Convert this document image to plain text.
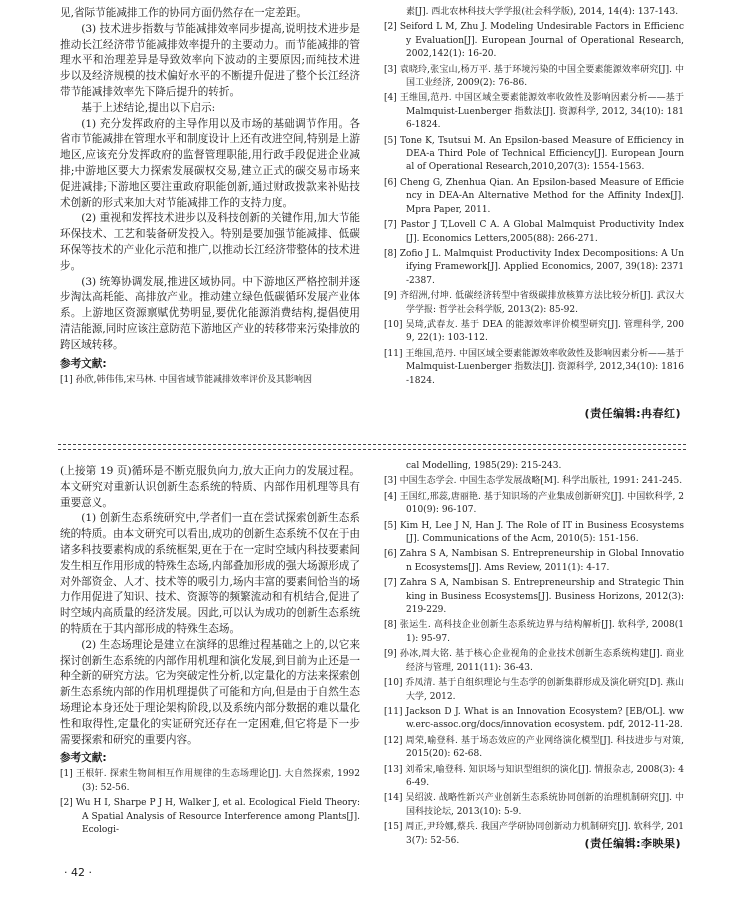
见,省际节能减排工作的协同方面仍然存在一定差距。

(3) 技术进步指数与节能减排效率同步提高,说明技术进步是推动长江经济带节能减排效率提升的主要动力。而节能减排的管理水平和治理差异是导致效率向下波动的主要原因;而纯技术进步以及经济规模的技术偏好水平的不断提升促进了整个长江经济带节能减排效率先下降后提升的转折。

基于上述结论,提出以下启示:

(1) 充分发挥政府的主导作用以及市场的基础调节作用。各省市节能减排在管理水平和制度设计上还有改进空间,特别是上游地区,应该充分发挥政府的监督管理职能,用行政手段促进企业减排;中游地区要大力探索发展碳权交易,建立正式的碳交易市场来促进减排;下游地区要注重政府职能创新,通过财政拨款来补贴技术创新的形式来加大对节能减排工作的支持力度。

(2) 重视和发挥技术进步以及科技创新的关键作用,加大节能环保技术、工艺和装备研发投入。特别是要加强节能减排、低碳环保等技术的产业化示范和推广,以推动长江经济带整体的技术进步。

(3) 统筹协调发展,推进区域协同。中下游地区严格控制并逐步淘汰高耗能、高排放产业。推动建立绿色低碳循环发展产业体系。上游地区资源禀赋优势明显,要优化能源消费结构,提倡使用清洁能源,同时应该注意防范下游地区产业的转移带来污染排放的跨区域转移。

参考文献:

[1] 孙欣,韩伟伟,宋马林. 中国省域节能减排效率评价及其影响因

素[J]. 西北农林科技大学学报(社会科学版), 2014, 14(4): 137-143.

[2] Seiford L M, Zhu J. Modeling Undesirable Factors in Efficiency Evaluation[J]. European Journal of Operational Research, 2002,142(1): 16-20.

[3] 袁晓玲,张宝山,杨万平. 基于环境污染的中国全要素能源效率研究[J]. 中国工业经济, 2009(2): 76-86.

[4] 王维国,范丹. 中国区域全要素能源效率收敛性及影响因素分析——基于 Malmquist-Luenberger 指数法[J]. 资源科学, 2012, 34(10): 1816-1824.

[5] Tone K, Tsutsui M. An Epsilon-based Measure of Efficiency in DEA-a Third Pole of Technical Efficiency[J]. European Journal of Operational Research,2010,207(3): 1554-1563.

[6] Cheng G, Zhenhua Qian. An Epsilon-based Measure of Efficiency in DEA-An Alternative Method for the Affinity Index[J]. Mpra Paper, 2011.

[7] Pastor J T,Lovell C A. A Global Malmquist Productivity Index[J]. Economics Letters,2005(88): 266-271.

[8] Zofio J L. Malmquist Productivity Index Decompositions: A Unifying Framework[J]. Applied Economics, 2007, 39(18): 2371-2387.

[9] 齐绍洲,付坤. 低碳经济转型中省级碳排放核算方法比较分析[J]. 武汉大学学报: 哲学社会科学版, 2013(2): 85-92.

[10] 吴琦,武春友. 基于 DEA 的能源效率评价模型研究[J]. 管理科学, 2009, 22(1): 103-112.

[11] 王维国,范丹. 中国区域全要素能源效率收敛性及影响因素分析——基于 Malmquist-Luenberger 指数法[J]. 资源科学, 2012,34(10): 1816-1824.

(责任编辑:冉春红)

(上接第 19 页)循环是不断克服负向力,放大正向力的发展过程。本文研究对重新认识创新生态系统的特质、内部作用机理等具有重要意义。

(1) 创新生态系统研究中,学者们一直在尝试探索创新生态系统的特质。由本文研究可以看出,成功的创新生态系统不仅在于由诸多科技要素构成的系统框架,更在于在一定时空域内科技要素间发生相互作用形成的特殊生态场,内部叠加形成的强大场源形成了对外部资金、人才、技术等的吸引力,场内丰富的要素间恰当的场力作用促进了知识、技术、资源等的频繁流动和有机结合,促进了时空域内高质量的经济发展。因此,可以认为成功的创新生态系统的特质在于其内部形成的特殊生态场。

(2) 生态场理论是建立在演绎的思维过程基础之上的,以它来探讨创新生态系统的内部作用机理和演化发展,到目前为止还是一种全新的研究方法。它为突破定性分析,以定量化的方法来探索创新生态系统内部的作用机理提供了可能和方向,但是由于自然生态场理论本身还处于理论架构阶段,以及系统内部分数据的难以量化性和取得性,定量化的实证研究还存在一定困难,但它将是下一步需要探索和研究的重要内容。

参考文献:

[1] 王根轩. 探索生物间相互作用规律的生态场理论[J]. 大自然探索, 1992(3): 52-56.

[2] Wu H I, Sharpe P J H, Walker J, et al. Ecological Field Theory: A Spatial Analysis of Resource Interference among Plants[J]. Ecologi-

cal Modelling, 1985(29): 215-243.

[3] 中国生态学会. 中国生态学发展战略[M]. 科学出版社, 1991: 241-245.

[4] 王国红,邢蕊,唐丽艳. 基于知识场的产业集成创新研究[J]. 中国软科学, 2010(9): 96-107.

[5] Kim H, Lee J N, Han J. The Role of IT in Business Ecosystems[J]. Communications of the Acm, 2010(5): 151-156.

[6] Zahra S A, Nambisan S. Entrepreneurship in Global Innovation Ecosystems[J]. Ams Review, 2011(1): 4-17.

[7] Zahra S A, Nambisan S. Entrepreneurship and Strategic Thinking in Business Ecosystems[J]. Business Horizons, 2012(3): 219-229.

[8] 张运生. 高科技企业创新生态系统边界与结构解析[J]. 软科学, 2008(11): 95-97.

[9] 孙冰,周大铭. 基于核心企业视角的企业技术创新生态系统构建[J]. 商业经济与管理, 2011(11): 36-43.

[10] 乔凤清. 基于自组织理论与生态学的创新集群形成及演化研究[D]. 燕山大学, 2012.

[11] Jackson D J. What is an Innovation Ecosystem? [EB/OL]. www.erc-assoc.org/docs/innovation ecosystem. pdf, 2012-11-28.

[12] 周荣,喻登科. 基于场态效应的产业网络演化模型[J]. 科技进步与对策, 2015(20): 62-68.

[13] 刘希宋,喻登科. 知识场与知识型组织的演化[J]. 情报杂志, 2008(3): 46-49.

[14] 吴绍波. 战略性新兴产业创新生态系统协同创新的治理机制研究[J]. 中国科技论坛, 2013(10): 5-9.

[15] 周正,尹玲娜,蔡兵. 我国产学研协同创新动力机制研究[J]. 软科学, 2013(7): 52-56.	(责任编辑:李映果)
· 42 ·
